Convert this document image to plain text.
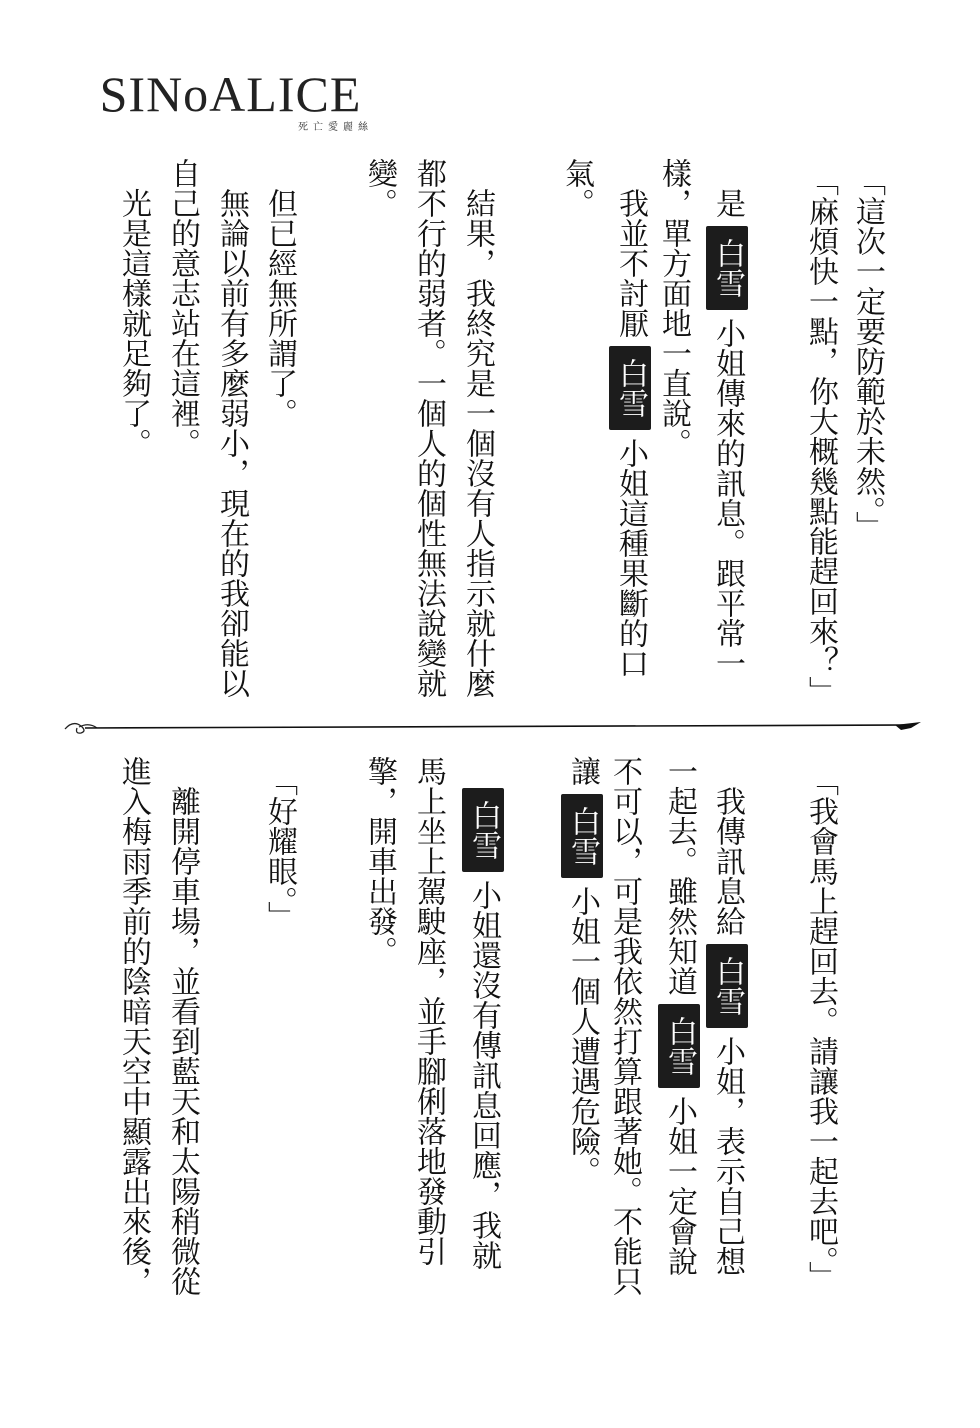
SINoALICE
死亡愛麗絲
「這次一定要防範於未然。」
「麻煩快一點，你大概幾點能趕回來？」
是白雪小姐傳來的訊息。跟平常一
樣，單方面地一直說。
我並不討厭白雪小姐這種果斷的口
氣。
結果，我終究是一個沒有人指示就什麼
都不行的弱者。一個人的個性無法說變就
變。
但已經無所謂了。
無論以前有多麼弱小，現在的我卻能以
自己的意志站在這裡。
光是這樣就足夠了。
「我會馬上趕回去。請讓我一起去吧。」
我傳訊息給白雪小姐，表示自己想
一起去。雖然知道白雪小姐一定會說
不可以，可是我依然打算跟著她。不能只
讓白雪小姐一個人遭遇危險。
白雪小姐還沒有傳訊息回應，我就
馬上坐上駕駛座，並手腳俐落地發動引
擎，開車出發。
「好耀眼。」
離開停車場，並看到藍天和太陽稍微從
進入梅雨季前的陰暗天空中顯露出來後，
